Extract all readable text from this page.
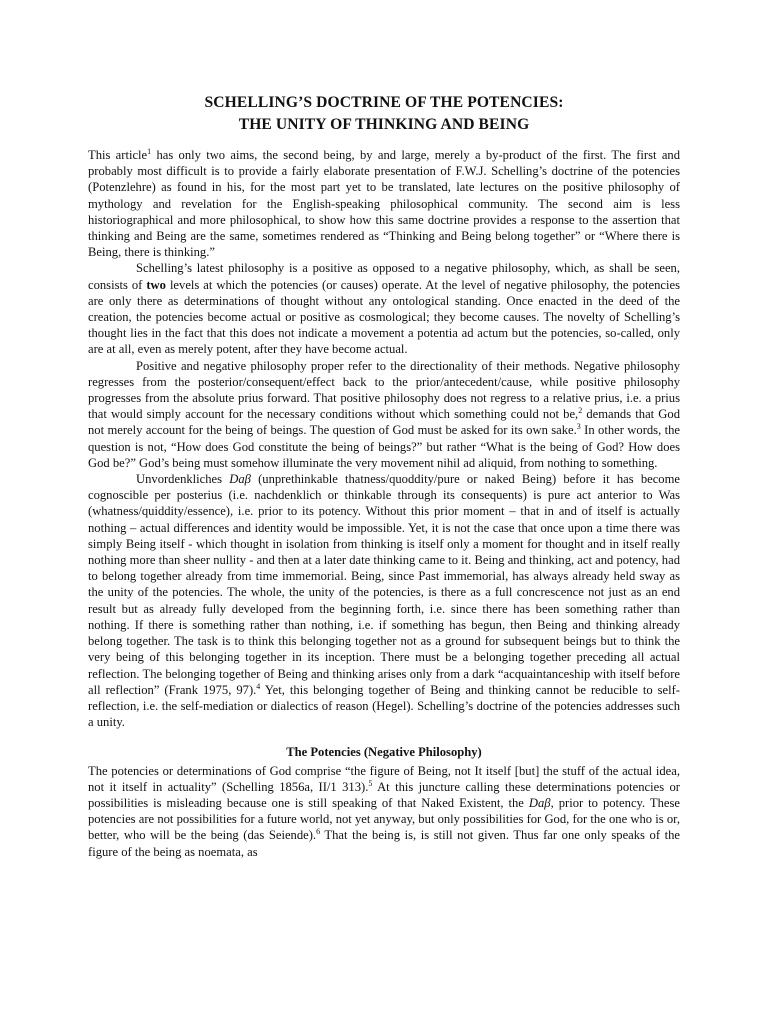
SCHELLING’S DOCTRINE OF THE POTENCIES:
THE UNITY OF THINKING AND BEING

This article$^1$ has only two aims, the second being, by and large, merely a by-product of the first. The first and probably most difficult is to provide a fairly elaborate presentation of F.W.J. Schelling’s doctrine of the potencies (Potenzlehre) as found in his, for the most part yet to be translated, late lectures on the positive philosophy of mythology and revelation for the English-speaking philosophical community. The second aim is less historiographical and more philosophical, to show how this same doctrine provides a response to the assertion that thinking and Being are the same, sometimes rendered as “Thinking and Being belong together” or “Where there is Being, there is thinking.”

Schelling’s latest philosophy is a positive as opposed to a negative philosophy, which, as shall be seen, consists of two levels at which the potencies (or causes) operate. At the level of negative philosophy, the potencies are only there as determinations of thought without any ontological standing. Once enacted in the deed of the creation, the potencies become actual or positive as cosmological; they become causes. The novelty of Schelling’s thought lies in the fact that this does not indicate a movement a potentia ad actum but the potencies, so-called, only are at all, even as merely potent, after they have become actual.

Positive and negative philosophy proper refer to the directionality of their methods. Negative philosophy regresses from the posterior/consequent/effect back to the prior/antecedent/cause, while positive philosophy progresses from the absolute prius forward. That positive philosophy does not regress to a relative prius, i.e. a prius that would simply account for the necessary conditions without which something could not be,$^2$ demands that God not merely account for the being of beings. The question of God must be asked for its own sake.$^3$ In other words, the question is not, “How does God constitute the being of beings?” but rather “What is the being of God? How does God be?” God’s being must somehow illuminate the very movement nihil ad aliquid, from nothing to something.

Unvordenkliches Daβ (unprethinkable thatness/quoddity/pure or naked Being) before it has become cognoscible per posterius (i.e. nachdenklich or thinkable through its consequents) is pure act anterior to Was (whatness/quiddity/essence), i.e. prior to its potency. Without this prior moment – that in and of itself is actually nothing – actual differences and identity would be impossible. Yet, it is not the case that once upon a time there was simply Being itself - which thought in isolation from thinking is itself only a moment for thought and in itself really nothing more than sheer nullity - and then at a later date thinking came to it. Being and thinking, act and potency, had to belong together already from time immemorial. Being, since Past immemorial, has always already held sway as the unity of the potencies. The whole, the unity of the potencies, is there as a full concrescence not just as an end result but as already fully developed from the beginning forth, i.e. since there has been something rather than nothing. If there is something rather than nothing, i.e. if something has begun, then Being and thinking already belong together. The task is to think this belonging together not as a ground for subsequent beings but to think the very being of this belonging together in its inception. There must be a belonging together preceding all actual reflection. The belonging together of Being and thinking arises only from a dark “acquaintanceship with itself before all reflection” (Frank 1975, 97).$^4$ Yet, this belonging together of Being and thinking cannot be reducible to self-reflection, i.e. the self-mediation or dialectics of reason (Hegel). Schelling’s doctrine of the potencies addresses such a unity.

The Potencies (Negative Philosophy)

The potencies or determinations of God comprise “the figure of Being, not It itself [but] the stuff of the actual idea, not it itself in actuality” (Schelling 1856a, II/1 313).$^5$ At this juncture calling these determinations potencies or possibilities is misleading because one is still speaking of that Naked Existent, the Daβ, prior to potency. These potencies are not possibilities for a future world, not yet anyway, but only possibilities for God, for the one who is or, better, who will be the being (das Seiende).$^6$ That the being is, is still not given. Thus far one only speaks of the figure of the being as noemata, as
